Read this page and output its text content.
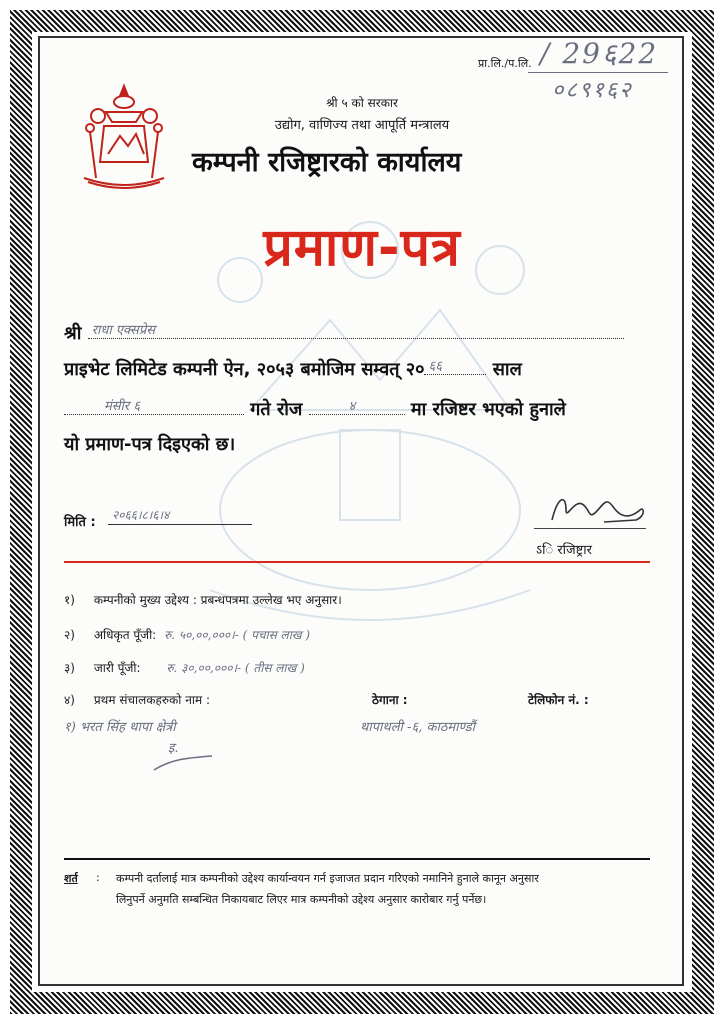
प्रा.लि./प.लि. / 29६22
०८९१६२
श्री ५ को सरकार
उद्योग, वाणिज्य तथा आपूर्ति मन्त्रालय
कम्पनी रजिष्ट्रारको कार्यालय
प्रमाण-पत्र
श्री राधा एक्सप्रेस
प्राइभेट लिमिटेड कम्पनी ऐन, २०५३ बमोजिम सम्वत् २० ६६	साल
मंसीर ६	गते रोज	४	मा रजिष्टर भएको हुनाले
यो प्रमाण-पत्र दिइएको छ।
मिति : २०६६।८।६।४
ऽि रजिष्ट्रार
१) कम्पनीको मुख्य उद्देश्य : प्रबन्धपत्रमा उल्लेख भए अनुसार।
२) अधिकृत पूँजी: रु. ५०,००,०००।- ( पचास लाख )
३) जारी पूँजी: रु. ३०,००,०००।- ( तीस लाख )
४) प्रथम संचालकहरुको नाम :	ठेगाना :	टेलिफोन नं. :
१) भरत सिंह थापा क्षेत्री	थापाथली -६, काठमाण्डौं
इ.
शर्त : कम्पनी दर्तालाई मात्र कम्पनीको उद्देश्य कार्यान्वयन गर्न इजाजत प्रदान गरिएको नमानिने हुनाले कानून अनुसार
लिनुपर्ने अनुमति सम्बन्धित निकायबाट लिएर मात्र कम्पनीको उद्देश्य अनुसार कारोबार गर्नु पर्नेछ।
